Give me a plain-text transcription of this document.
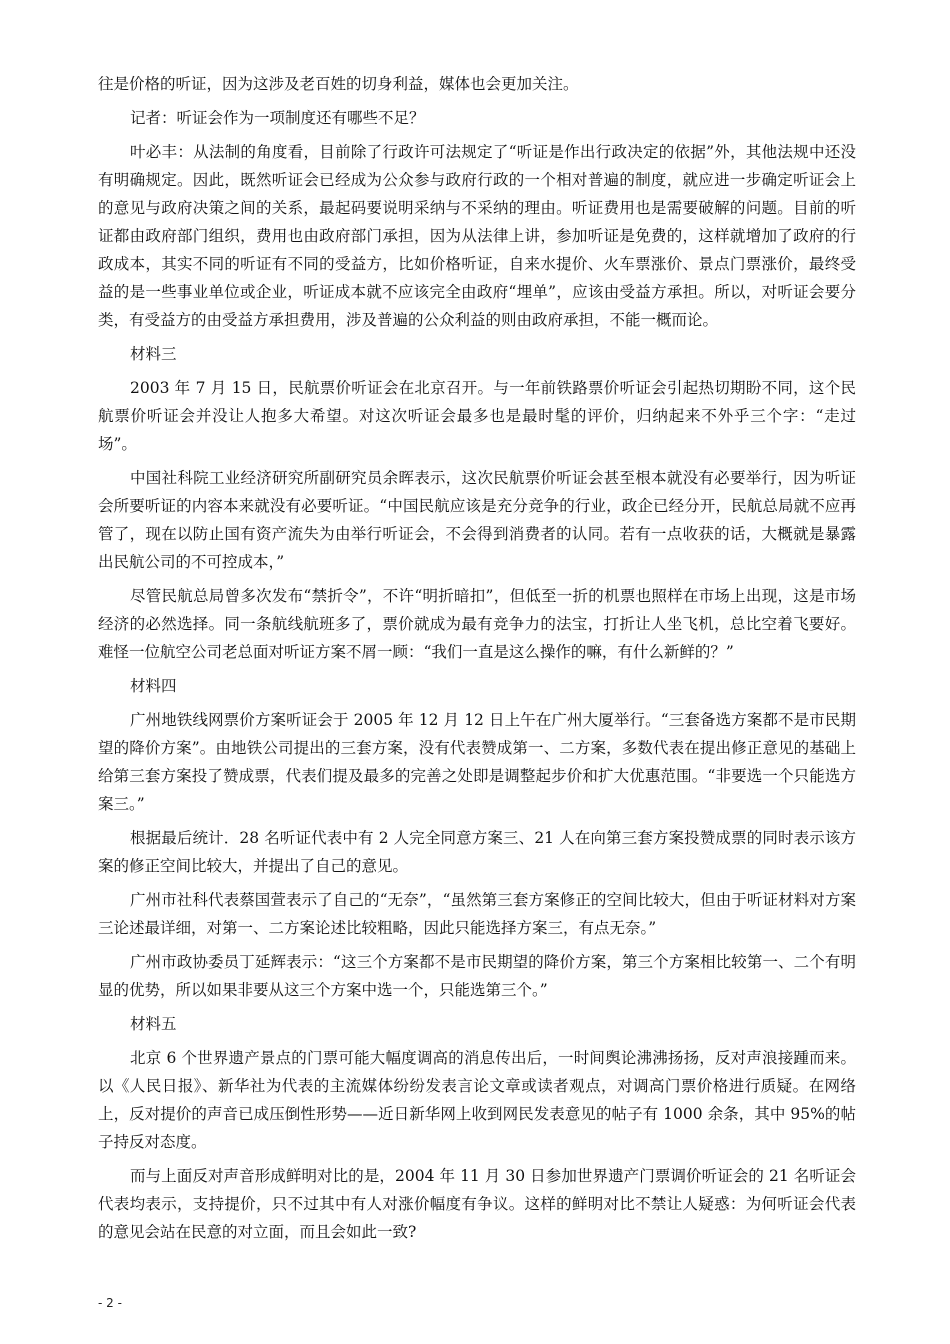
往是价格的听证，因为这涉及老百姓的切身利益，媒体也会更加关注。

记者：听证会作为一项制度还有哪些不足？

叶必丰：从法制的角度看，目前除了行政许可法规定了“听证是作出行政决定的依据”外，其他法规中还没有明确规定。因此，既然听证会已经成为公众参与政府行政的一个相对普遍的制度，就应进一步确定听证会上的意见与政府决策之间的关系，最起码要说明采纳与不采纳的理由。听证费用也是需要破解的问题。目前的听证都由政府部门组织，费用也由政府部门承担，因为从法律上讲，参加听证是免费的，这样就增加了政府的行政成本，其实不同的听证有不同的受益方，比如价格听证，自来水提价、火车票涨价、景点门票涨价，最终受益的是一些事业单位或企业，听证成本就不应该完全由政府“埋单”，应该由受益方承担。所以，对听证会要分类，有受益方的由受益方承担费用，涉及普遍的公众利益的则由政府承担，不能一概而论。

材料三

2003 年 7 月 15 日，民航票价听证会在北京召开。与一年前铁路票价听证会引起热切期盼不同，这个民航票价听证会并没让人抱多大希望。对这次听证会最多也是最时髦的评价，归纳起来不外乎三个字：“走过场”。

中国社科院工业经济研究所副研究员余晖表示，这次民航票价听证会甚至根本就没有必要举行，因为听证会所要听证的内容本来就没有必要听证。“中国民航应该是充分竞争的行业，政企已经分开，民航总局就不应再管了，现在以防止国有资产流失为由举行听证会，不会得到消费者的认同。若有一点收获的话，大概就是暴露出民航公司的不可控成本，”

尽管民航总局曾多次发布“禁折令”，不许“明折暗扣”，但低至一折的机票也照样在市场上出现，这是市场经济的必然选择。同一条航线航班多了，票价就成为最有竞争力的法宝，打折让人坐飞机，总比空着飞要好。难怪一位航空公司老总面对听证方案不屑一顾：“我们一直是这么操作的嘛，有什么新鲜的？”

材料四

广州地铁线网票价方案听证会于 2005 年 12 月 12 日上午在广州大厦举行。“三套备选方案都不是市民期望的降价方案”。由地铁公司提出的三套方案，没有代表赞成第一、二方案，多数代表在提出修正意见的基础上给第三套方案投了赞成票，代表们提及最多的完善之处即是调整起步价和扩大优惠范围。“非要选一个只能选方案三。”

根据最后统计．28 名听证代表中有 2 人完全同意方案三、21 人在向第三套方案投赞成票的同时表示该方案的修正空间比较大，并提出了自己的意见。

广州市社科代表蔡国萱表示了自己的“无奈”，“虽然第三套方案修正的空间比较大，但由于听证材料对方案三论述最详细，对第一、二方案论述比较粗略，因此只能选择方案三，有点无奈。”

广州市政协委员丁延辉表示：“这三个方案都不是市民期望的降价方案，第三个方案相比较第一、二个有明显的优势，所以如果非要从这三个方案中选一个，只能选第三个。”

材料五

北京 6 个世界遗产景点的门票可能大幅度调高的消息传出后，一时间舆论沸沸扬扬，反对声浪接踵而来。以《人民日报》、新华社为代表的主流媒体纷纷发表言论文章或读者观点，对调高门票价格进行质疑。在网络上，反对提价的声音已成压倒性形势——近日新华网上收到网民发表意见的帖子有 1000 余条，其中 95%的帖子持反对态度。

而与上面反对声音形成鲜明对比的是，2004 年 11 月 30 日参加世界遗产门票调价听证会的 21 名听证会代表均表示，支持提价，只不过其中有人对涨价幅度有争议。这样的鲜明对比不禁让人疑惑：为何听证会代表的意见会站在民意的对立面，而且会如此一致?

- 2 -
